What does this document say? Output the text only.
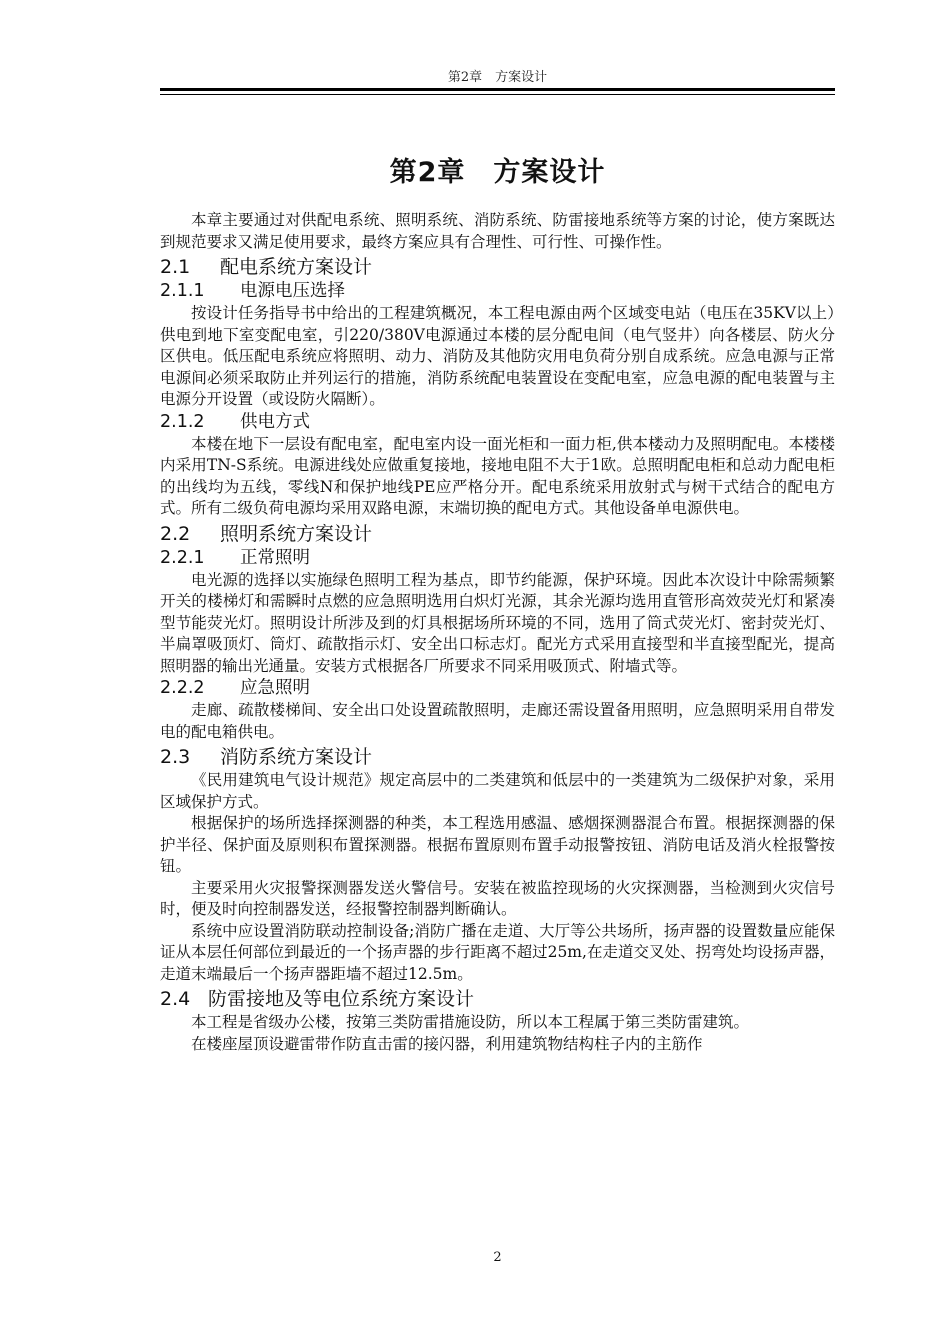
第2章　方案设计
第2章 方案设计

本章主要通过对供配电系统、照明系统、消防系统、防雷接地系统等方案的讨论，使方案既达到规范要求又满足使用要求，最终方案应具有合理性、可行性、可操作性。

2.1 配电系统方案设计
2.1.1 电源电压选择

按设计任务指导书中给出的工程建筑概况，本工程电源由两个区域变电站（电压在35KV以上）供电到地下室变配电室，引220/380V电源通过本楼的层分配电间（电气竖井）向各楼层、防火分区供电。低压配电系统应将照明、动力、消防及其他防灾用电负荷分别自成系统。应急电源与正常电源间必须采取防止并列运行的措施，消防系统配电装置设在变配电室，应急电源的配电装置与主电源分开设置（或设防火隔断）。

2.1.2 供电方式

本楼在地下一层设有配电室，配电室内设一面光柜和一面力柜,供本楼动力及照明配电。本楼楼内采用TN-S系统。电源进线处应做重复接地，接地电阻不大于1欧。总照明配电柜和总动力配电柜的出线均为五线，零线N和保护地线PE应严格分开。配电系统采用放射式与树干式结合的配电方式。所有二级负荷电源均采用双路电源，末端切换的配电方式。其他设备单电源供电。

2.2 照明系统方案设计
2.2.1 正常照明

电光源的选择以实施绿色照明工程为基点，即节约能源，保护环境。因此本次设计中除需频繁开关的楼梯灯和需瞬时点燃的应急照明选用白炽灯光源，其余光源均选用直管形高效荧光灯和紧凑型节能荧光灯。照明设计所涉及到的灯具根据场所环境的不同，选用了筒式荧光灯、密封荧光灯、半扁罩吸顶灯、筒灯、疏散指示灯、安全出口标志灯。配光方式采用直接型和半直接型配光，提高照明器的输出光通量。安装方式根据各厂所要求不同采用吸顶式、附墙式等。

2.2.2 应急照明

走廊、疏散楼梯间、安全出口处设置疏散照明，走廊还需设置备用照明，应急照明采用自带发电的配电箱供电。

2.3 消防系统方案设计

《民用建筑电气设计规范》规定高层中的二类建筑和低层中的一类建筑为二级保护对象，采用区域保护方式。

根据保护的场所选择探测器的种类，本工程选用感温、感烟探测器混合布置。根据探测器的保护半径、保护面及原则积布置探测器。根据布置原则布置手动报警按钮、消防电话及消火栓报警按钮。

主要采用火灾报警探测器发送火警信号。安装在被监控现场的火灾探测器，当检测到火灾信号时，便及时向控制器发送，经报警控制器判断确认。

系统中应设置消防联动控制设备;消防广播在走道、大厅等公共场所，扬声器的设置数量应能保证从本层任何部位到最近的一个扬声器的步行距离不超过25m,在走道交叉处、拐弯处均设扬声器，走道末端最后一个扬声器距墙不超过12.5m。

2.4 防雷接地及等电位系统方案设计

本工程是省级办公楼，按第三类防雷措施设防，所以本工程属于第三类防雷建筑。

在楼座屋顶设避雷带作防直击雷的接闪器，利用建筑物结构柱子内的主筋作

2
